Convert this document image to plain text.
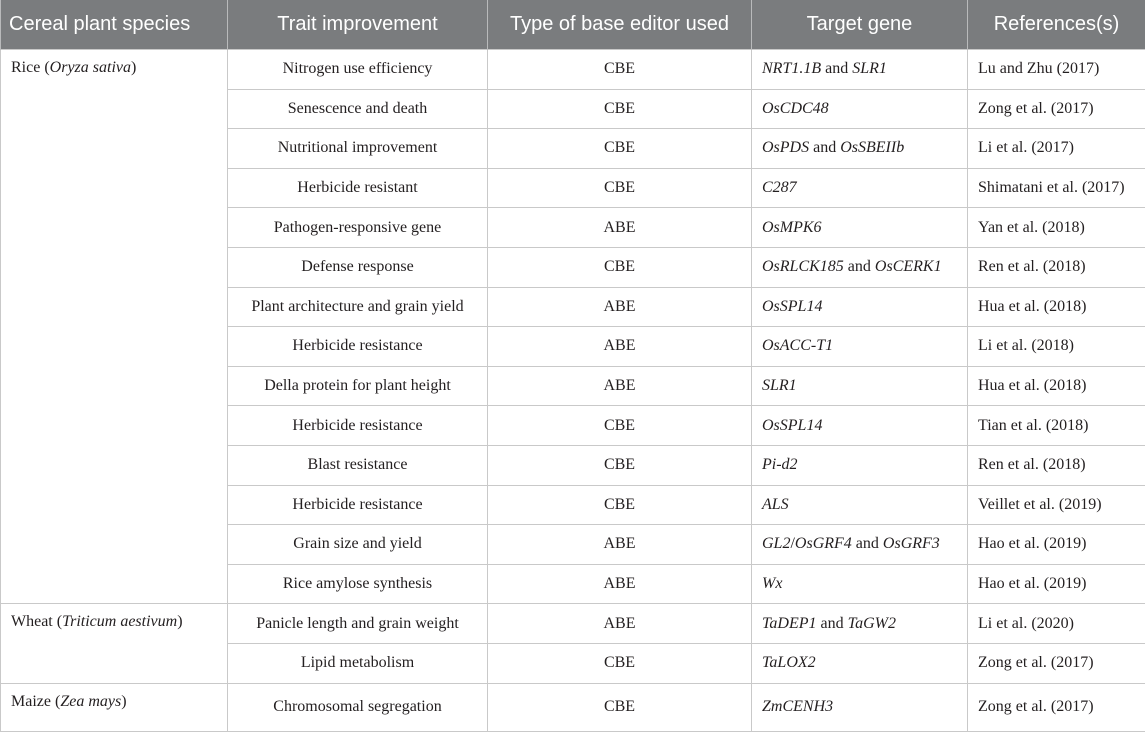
Cereal plant species	Trait improvement	Type of base editor used	Target gene	References(s)
Rice (Oryza sativa)	Nitrogen use efficiency	CBE	NRT1.1B and SLR1	Lu and Zhu (2017)
	Senescence and death	CBE	OsCDC48	Zong et al. (2017)
	Nutritional improvement	CBE	OsPDS and OsSBEIIb	Li et al. (2017)
	Herbicide resistant	CBE	C287	Shimatani et al. (2017)
	Pathogen-responsive gene	ABE	OsMPK6	Yan et al. (2018)
	Defense response	CBE	OsRLCK185 and OsCERK1	Ren et al. (2018)
	Plant architecture and grain yield	ABE	OsSPL14	Hua et al. (2018)
	Herbicide resistance	ABE	OsACC-T1	Li et al. (2018)
	Della protein for plant height	ABE	SLR1	Hua et al. (2018)
	Herbicide resistance	CBE	OsSPL14	Tian et al. (2018)
	Blast resistance	CBE	Pi-d2	Ren et al. (2018)
	Herbicide resistance	CBE	ALS	Veillet et al. (2019)
	Grain size and yield	ABE	GL2/OsGRF4 and OsGRF3	Hao et al. (2019)
	Rice amylose synthesis	ABE	Wx	Hao et al. (2019)
Wheat (Triticum aestivum)	Panicle length and grain weight	ABE	TaDEP1 and TaGW2	Li et al. (2020)
	Lipid metabolism	CBE	TaLOX2	Zong et al. (2017)
Maize (Zea mays)	Chromosomal segregation	CBE	ZmCENH3	Zong et al. (2017)
